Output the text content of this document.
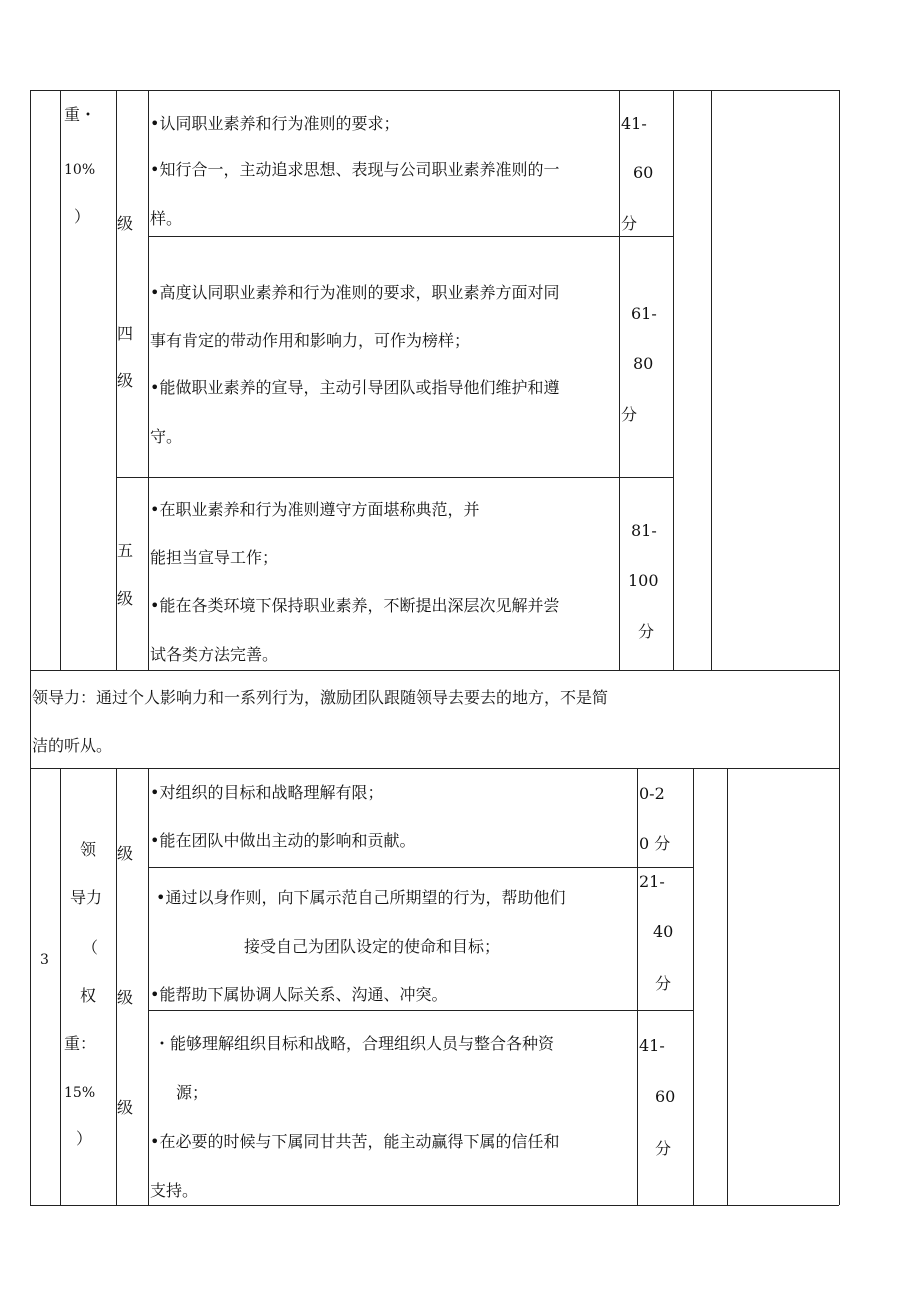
重・
10%
） 级
•认同职业素养和行为准则的要求；
•知行合一，主动追求思想、表现与公司职业素养准则的一
样。
41-
60
分
四
级
•高度认同职业素养和行为准则的要求，职业素养方面对同
事有肯定的带动作用和影响力，可作为榜样；
•能做职业素养的宣导，主动引导团队或指导他们维护和遵
守。
61-
80
分
五
级
•在职业素养和行为准则遵守方面堪称典范，并
能担当宣导工作；
•能在各类环境下保持职业素养，不断提出深层次见解并尝
试各类方法完善。
81-
100
分
领导力：通过个人影响力和一系列行为，激励团队跟随领导去要去的地方，不是简
洁的听从。
3
领
导力
（
权
重：
15%
）
级
•对组织的目标和战略理解有限；
•能在团队中做出主动的影响和贡献。
0-2
0 分
级
•通过以身作则，向下属示范自己所期望的行为，帮助他们
接受自己为团队设定的使命和目标；
•能帮助下属协调人际关系、沟通、冲突。
21-
40
分
级
・能够理解组织目标和战略，合理组织人员与整合各种资
源；
•在必要的时候与下属同甘共苦，能主动赢得下属的信任和
支持。
41-
60
分
